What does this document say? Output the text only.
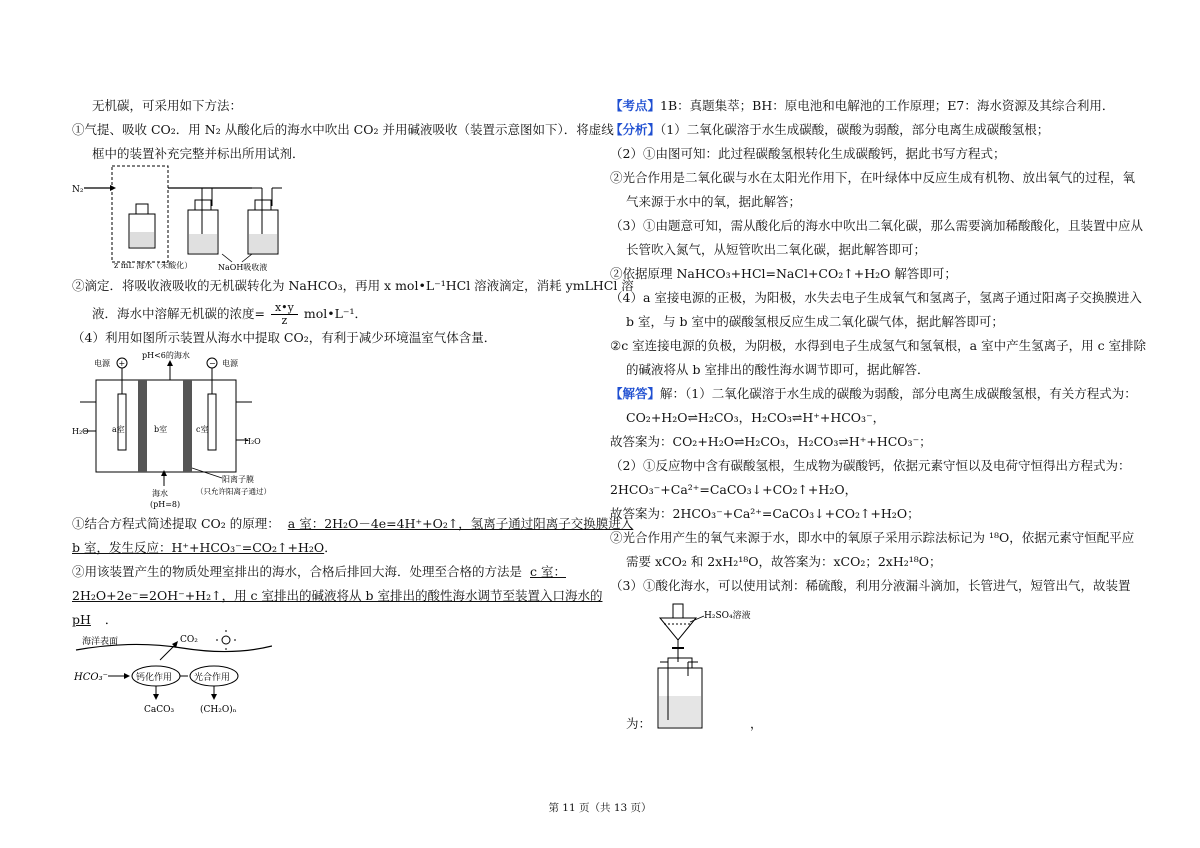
无机碳，可采用如下方法：
①气提、吸收 CO₂．用 N₂ 从酸化后的海水中吹出 CO₂ 并用碱液吸收（装置示意图如下）．将虚线
框中的装置补充完整并标出所用试剂．
N₂
z mL 海水（未酸化）	NaOH吸收液
②滴定．将吸收液吸收的无机碳转化为 NaHCO₃，再用 x mol•L⁻¹HCl 溶液滴定，消耗 ymLHCl 溶
液．海水中溶解无机碳的浓度= $\frac{x•y}{z}$ mol•L⁻¹．
（4）利用如图所示装置从海水中提取 CO₂，有利于减少环境温室气体含量．
电源 +
pH<6的海水
− 电源
a室	b室	c室
H₂O
H₂O
海水
(pH=8)
阳离子膜
（只允许阳离子通过）
①结合方程式简述提取 CO₂ 的原理： a 室：2H₂O－4e=4H⁺+O₂↑，氢离子通过阳离子交换膜进入
b 室，发生反应：H⁺+HCO₃⁻=CO₂↑+H₂O．
②用该装置产生的物质处理室排出的海水，合格后排回大海．处理至合格的方法是 c 室：
2H₂O+2e⁻=2OH⁻+H₂↑，用 c 室排出的碱液将从 b 室排出的酸性海水调节至装置入口海水的
pH ．
海洋表面	CO₂
HCO₃⁻	钙化作用 光合作用
CaCO₃	(CH₂O)ₙ
【考点】1B：真题集萃；BH：原电池和电解池的工作原理；E7：海水资源及其综合利用．
【分析】（1）二氧化碳溶于水生成碳酸，碳酸为弱酸，部分电离生成碳酸氢根；
（2）①由图可知：此过程碳酸氢根转化生成碳酸钙，据此书写方程式；
②光合作用是二氧化碳与水在太阳光作用下，在叶绿体中反应生成有机物、放出氧气的过程，氧
气来源于水中的氧，据此解答；
（3）①由题意可知，需从酸化后的海水中吹出二氧化碳，那么需要滴加稀酸酸化，且装置中应从
长管吹入氮气，从短管吹出二氧化碳，据此解答即可；
②依据原理 NaHCO₃+HCl=NaCl+CO₂↑+H₂O 解答即可；
（4）a 室接电源的正极，为阳极，水失去电子生成氧气和氢离子，氢离子通过阳离子交换膜进入
b 室，与 b 室中的碳酸氢根反应生成二氧化碳气体，据此解答即可；
②c 室连接电源的负极，为阴极，水得到电子生成氢气和氢氧根，a 室中产生氢离子，用 c 室排除
的碱液将从 b 室排出的酸性海水调节即可，据此解答．
【解答】解：（1）二氧化碳溶于水生成的碳酸为弱酸，部分电离生成碳酸氢根，有关方程式为：
CO₂+H₂O⇌H₂CO₃，H₂CO₃⇌H⁺+HCO₃⁻，
故答案为：CO₂+H₂O⇌H₂CO₃，H₂CO₃⇌H⁺+HCO₃⁻；
（2）①反应物中含有碳酸氢根，生成物为碳酸钙，依据元素守恒以及电荷守恒得出方程式为：
2HCO₃⁻+Ca²⁺=CaCO₃↓+CO₂↑+H₂O，
故答案为：2HCO₃⁻+Ca²⁺=CaCO₃↓+CO₂↑+H₂O；
②光合作用产生的氧气来源于水，即水中的氧原子采用示踪法标记为 ¹⁸O，依据元素守恒配平应
需要 xCO₂ 和 2xH₂¹⁸O，故答案为：xCO₂；2xH₂¹⁸O；
（3）①酸化海水，可以使用试剂：稀硫酸，利用分液漏斗滴加，长管进气，短管出气，故装置
H₂SO₄溶液
为：	，
第 11 页（共 13 页）
